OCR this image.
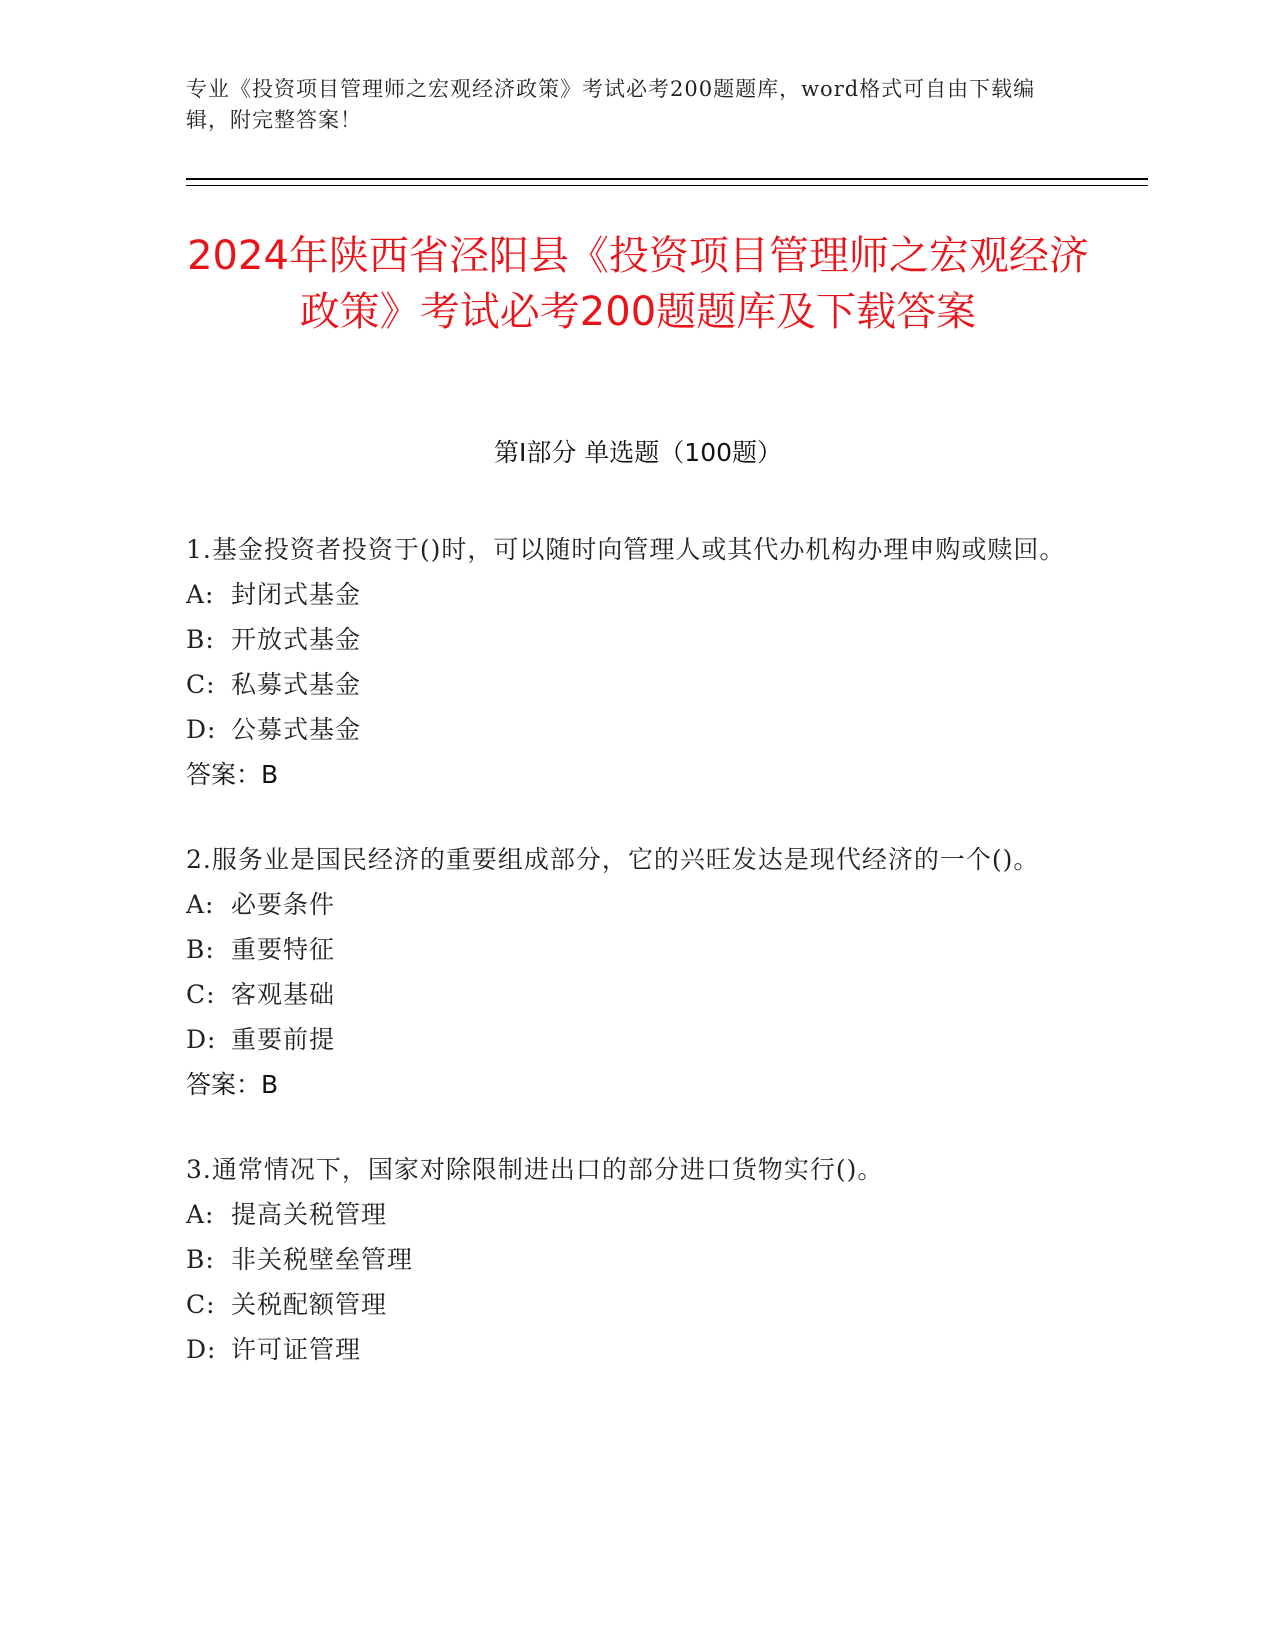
专业《投资项目管理师之宏观经济政策》考试必考200题题库，word格式可自由下载编辑，附完整答案！
2024年陕西省泾阳县《投资项目管理师之宏观经济政策》考试必考200题题库及下载答案
第I部分 单选题（100题）
1.基金投资者投资于()时，可以随时向管理人或其代办机构办理申购或赎回。
A: 封闭式基金
B: 开放式基金
C: 私募式基金
D: 公募式基金
答案：B
2.服务业是国民经济的重要组成部分，它的兴旺发达是现代经济的一个()。
A: 必要条件
B: 重要特征
C: 客观基础
D: 重要前提
答案：B
3.通常情况下，国家对除限制进出口的部分进口货物实行()。
A: 提高关税管理
B: 非关税壁垒管理
C: 关税配额管理
D: 许可证管理
